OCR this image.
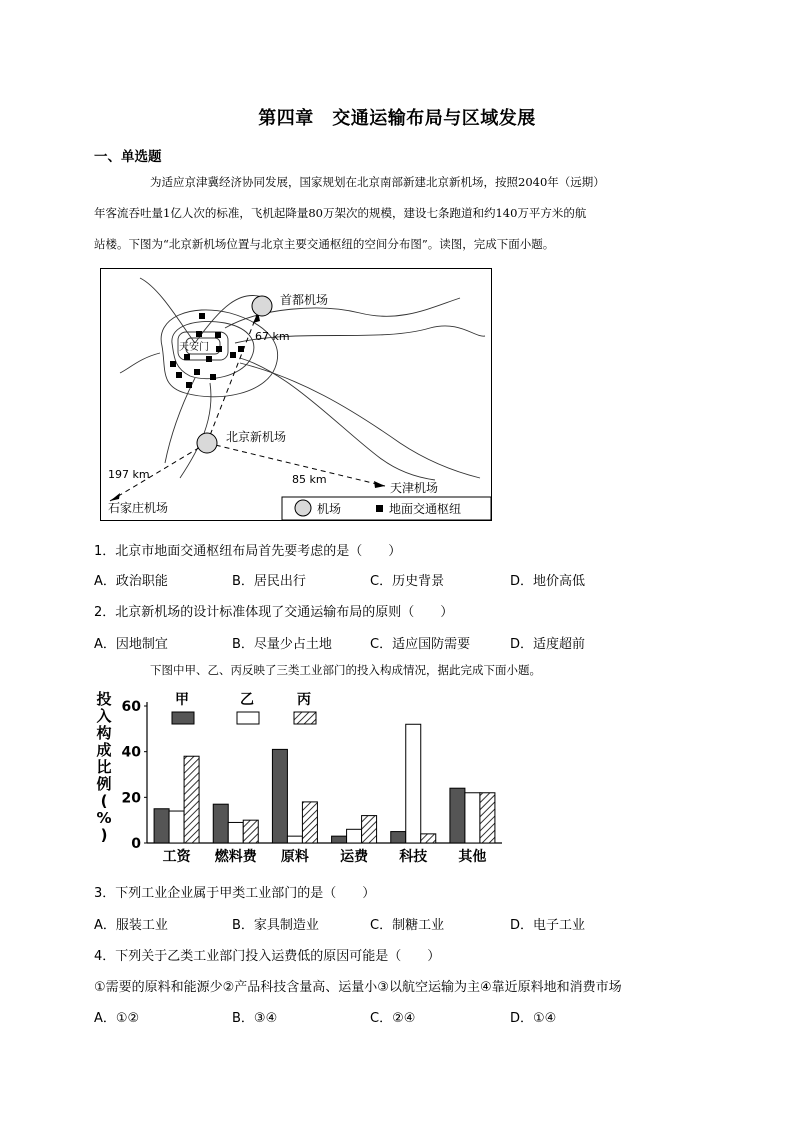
第四章　交通运输布局与区域发展
一、单选题

为适应京津冀经济协同发展，国家规划在北京南部新建北京新机场，按照2040年（远期）

年客流吞吐量1亿人次的标准，飞机起降量80万架次的规模，建设七条跑道和约140万平方米的航

站楼。下图为“北京新机场位置与北京主要交通枢纽的空间分布图”。读图，完成下面小题。

首都机场
天安门
67 km
北京新机场
197 km
石家庄机场
85 km
天津机场
机场	地面交通枢纽
1．北京市地面交通枢纽布局首先要考虑的是（　　）
A．政治职能	B．居民出行	C．历史背景	D．地价高低
2．北京新机场的设计标准体现了交通运输布局的原则（　　）
A．因地制宜	B．尽量少占土地	C．适应国防需要	D．适度超前
下图中甲、乙、丙反映了三类工业部门的投入构成情况，据此完成下面小题。
投
入
构
成
比
例
(
%
) 0
20
40
60
工资 燃料费 原料 运费 科技 其他
甲	乙	丙
3．下列工业企业属于甲类工业部门的是（　　）
A．服装工业	B．家具制造业	C．制糖工业	D．电子工业
4．下列关于乙类工业部门投入运费低的原因可能是（　　）
①需要的原料和能源少②产品科技含量高、运量小③以航空运输为主④靠近原料地和消费市场
A．①②	B．③④	C．②④	D．①④
